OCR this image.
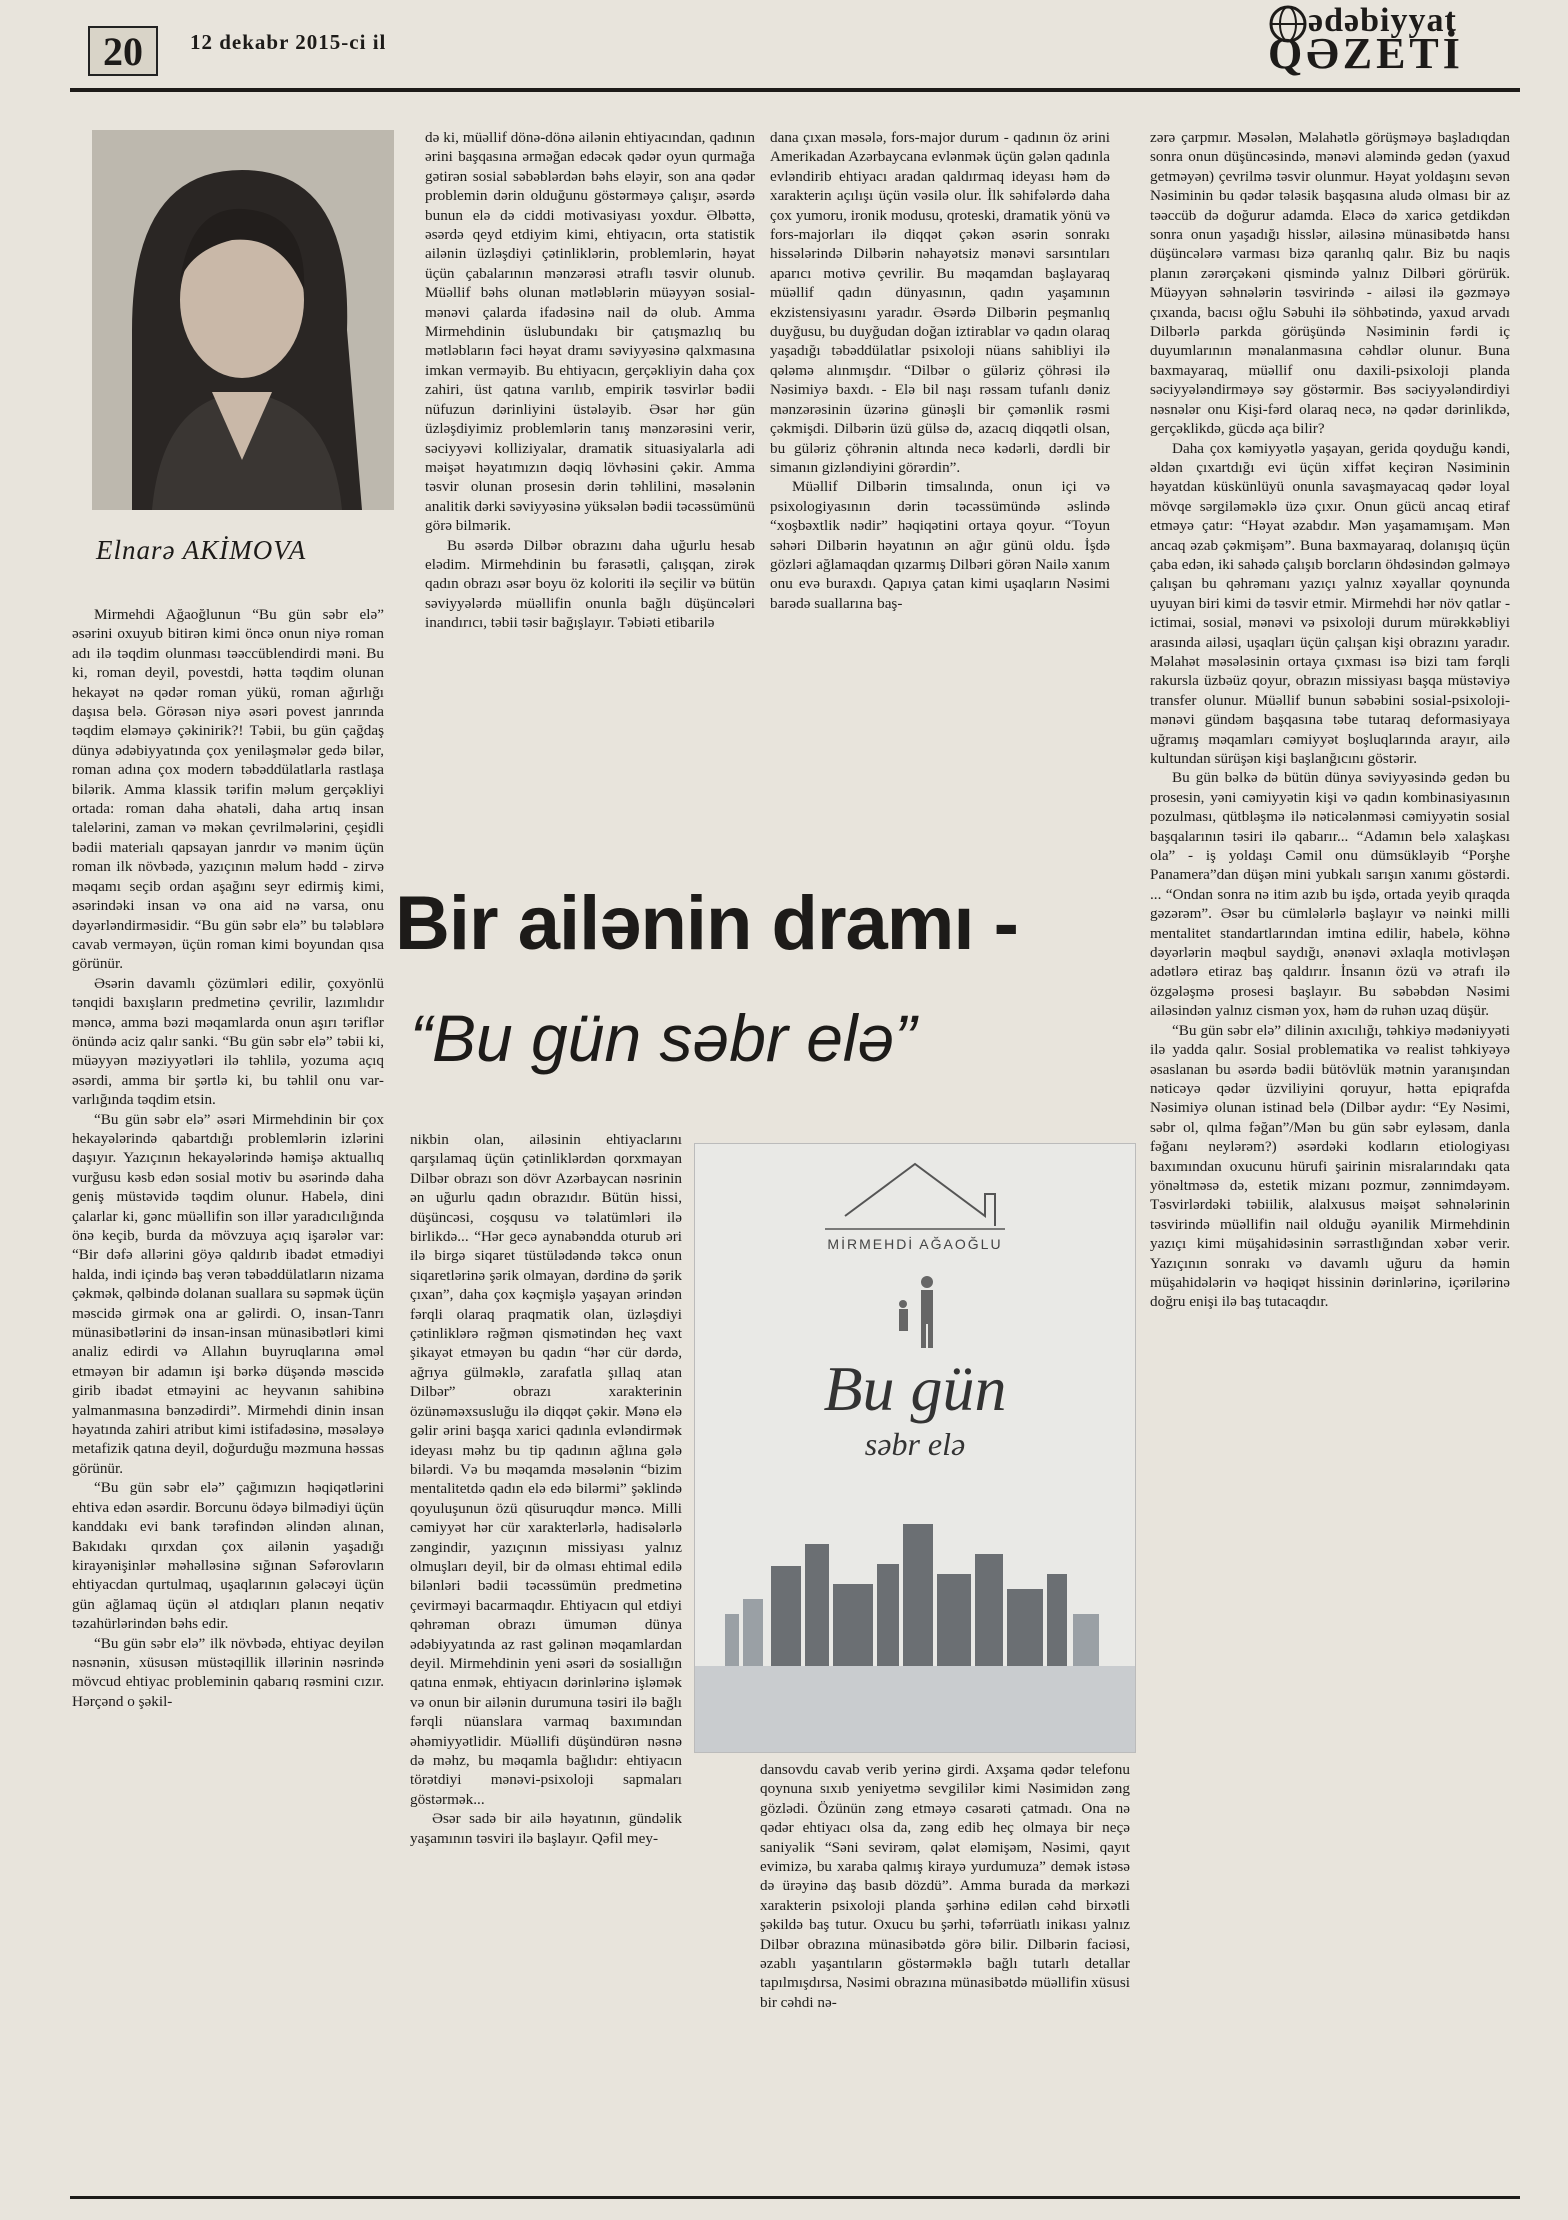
20	12 dekabr 2015-ci il
ədəbiyyat
QƏZETİ
Elnarə AKİMOVA

Mirmehdi Ağaoğlunun “Bu gün səbr elə” əsərini oxuyub bitirən kimi öncə onun niyə roman adı ilə təqdim olunması təəccüblendirdi məni. Bu ki, roman deyil, povestdi, hətta təqdim olunan hekayət nə qədər roman yükü, roman ağırlığı daşısa belə. Görəsən niyə əsəri povest janrında təqdim eləməyə çəkinirik?! Təbii, bu gün çağdaş dünya ədəbiyyatında çox yeniləşmələr gedə bilər, roman adına çox modern təbəddülatlarla rastlaşa bilərik. Amma klassik tərifin məlum gerçəkliyi ortada: roman daha əhatəli, daha artıq insan talelərini, zaman və məkan çevrilmələrini, çeşidli bədii materialı qapsayan janrdır və mənim üçün roman ilk növbədə, yazıçının məlum hədd - zirvə məqamı seçib ordan aşağını seyr edirmiş kimi, əsərindəki insan və ona aid nə varsa, onu dəyərləndirməsidir. “Bu gün səbr elə” bu tələblərə cavab verməyən, üçün roman kimi boyundan qısa görünür.

Əsərin davamlı çözümləri edilir, çoxyönlü tənqidi baxışların predmetinə çevrilir, lazımlıdır məncə, amma bəzi məqamlarda onun aşırı təriflər önündə aciz qalır sanki. “Bu gün səbr elə” təbii ki, müəyyən məziyyətləri ilə təhlilə, yozuma açıq əsərdi, amma bir şərtlə ki, bu təhlil onu var-varlığında təqdim etsin.

“Bu gün səbr elə” əsəri Mirmehdinin bir çox hekayələrində qabartdığı problemlərin izlərini daşıyır. Yazıçının hekayələrində həmişə aktuallıq vurğusu kəsb edən sosial motiv bu əsərində daha geniş müstəvidə təqdim olunur. Habelə, dini çalarlar ki, gənc müəllifin son illər yaradıcılığında önə keçib, burda da mövzuya açıq işarələr var: “Bir dəfə allərini göyə qaldırıb ibadət etmədiyi halda, indi içində baş verən təbəddülatların nizama çəkmək, qəlbində dolanan suallara su səpmək üçün məscidə girmək ona ar gəlirdi. O, insan-Tanrı münasibətlərini də insan-insan münasibətləri kimi analiz edirdi və Allahın buyruqlarına əməl etməyən bir adamın işi bərkə düşəndə məscidə girib ibadət etməyini ac heyvanın sahibinə yalmanmasına bənzədirdi”. Mirmehdi dinin insan həyatında zahiri atribut kimi istifadəsinə, məsələyə metafizik qatına deyil, doğurduğu məzmuna həssas görünür.

“Bu gün səbr elə” çağımızın həqiqətlərini ehtiva edən əsərdir. Borcunu ödəyə bilmədiyi üçün kanddakı evi bank tərəfindən əlindən alınan, Bakıdakı qırxdan çox ailənin yaşadığı kirayənişinlər məhəlləsinə sığınan Səfərovların ehtiyacdan qurtulmaq, uşaqlarının gələcəyi üçün gün ağlamaq üçün əl atdıqları planın neqativ təzahürlərindən bəhs edir.

“Bu gün səbr elə” ilk növbədə, ehtiyac deyilən nəsnənin, xüsusən müstəqillik illərinin nəsrində mövcud ehtiyac probleminin qabarıq rəsmini cızır. Hərçənd o şəkil-

də ki, müəllif dönə-dönə ailənin ehtiyacından, qadının ərini başqasına ərməğan edəcək qədər oyun qurmağa gətirən sosial səbəblərdən bəhs eləyir, son ana qədər problemin dərin olduğunu göstərməyə çalışır, əsərdə bunun elə də ciddi motivasiyası yoxdur. Əlbəttə, əsərdə qeyd etdiyim kimi, ehtiyacın, orta statistik ailənin üzləşdiyi çətinliklərin, problemlərin, həyat üçün çabalarının mənzərəsi ətraflı təsvir olunub. Müəllif bəhs olunan mətləblərin müəyyən sosial-mənəvi çalarda ifadəsinə nail də olub. Amma Mirmehdinin üslubundakı bir çatışmazlıq bu mətləbların fəci həyat dramı səviyyəsinə qalxmasına imkan verməyib. Bu ehtiyacın, gerçəkliyin daha çox zahiri, üst qatına varılıb, empirik təsvirlər bədii nüfuzun dərinliyini üstələyib. Əsər hər gün üzləşdiyimiz problemlərin tanış mənzərəsini verir, səciyyəvi kolliziyalar, dramatik situasiyalarla adi məişət həyatımızın dəqiq lövhəsini çəkir. Amma təsvir olunan prosesin dərin təhlilini, məsələnin analitik dərki səviyyəsinə yüksələn bədii təcəssümünü görə bilmərik.

Bu əsərdə Dilbər obrazını daha uğurlu hesab elədim. Mirmehdinin bu fərasətli, çalışqan, zirək qadın obrazı əsər boyu öz koloriti ilə seçilir və bütün səviyyələrdə müəllifin onunla bağlı düşüncələri inandırıcı, təbii təsir bağışlayır. Təbiəti etibarilə

dana çıxan məsələ, fors-major durum - qadının öz ərini Amerikadan Azərbaycana evlənmək üçün gələn qadınla evləndirib ehtiyacı aradan qaldırmaq ideyası həm də xarakterin açılışı üçün vəsilə olur. İlk səhifələrdə daha çox yumoru, ironik modusu, qroteski, dramatik yönü və fors-majorları ilə diqqət çəkən əsərin sonrakı hissələrində Dilbərin nəhayətsiz mənəvi sarsıntıları aparıcı motivə çevrilir. Bu məqamdan başlayaraq müəllif qadın dünyasının, qadın yaşamının ekzistensiyasını yaradır. Əsərdə Dilbərin peşmanlıq duyğusu, bu duyğudan doğan iztirablar və qadın olaraq yaşadığı təbəddülatlar psixoloji nüans sahibliyi ilə qələmə alınmışdır. “Dilbər o güləriz çöhrəsi ilə Nəsimiyə baxdı. - Elə bil naşı rəssam tufanlı dəniz mənzərəsinin üzərinə günəşli bir çəmənlik rəsmi çəkmişdi. Dilbərin üzü gülsə də, azacıq diqqətli olsan, bu güləriz çöhrənin altında necə kədərli, dərdli bir simanın gizləndiyini görərdin”.

Müəllif Dilbərin timsalında, onun içi və psixologiyasının dərin təcəssümündə əslində “xoşbəxtlik nədir” həqiqətini ortaya qoyur. “Toyun səhəri Dilbərin həyatının ən ağır günü oldu. İşdə gözləri ağlamaqdan qızarmış Dilbəri görən Nailə xanım onu evə buraxdı. Qapıya çatan kimi uşaqların Nəsimi barədə suallarına baş-

zərə çarpmır. Məsələn, Məlahətlə görüşməyə başladıqdan sonra onun düşüncəsində, mənəvi aləmində gedən (yaxud getməyən) çevrilmə təsvir olunmur. Həyat yoldaşını sevən Nəsiminin bu qədər tələsik başqasına aludə olması bir az təəccüb də doğurur adamda. Eləcə də xaricə getdikdən sonra onun yaşadığı hisslər, ailəsinə münasibətdə hansı düşüncələrə varması bizə qaranlıq qalır. Biz bu naqis planın zərərçəkəni qismində yalnız Dilbəri görürük. Müəyyən səhnələrin təsvirində - ailəsi ilə gəzməyə çıxanda, bacısı oğlu Səbuhi ilə söhbətində, yaxud arvadı Dilbərlə parkda görüşündə Nəsiminin fərdi iç duyumlarının mənalanmasına cəhdlər olunur. Buna baxmayaraq, müəllif onu daxili-psixoloji planda səciyyələndirməyə səy göstərmir. Bəs səciyyələndirdiyi nəsnələr onu Kişi-fərd olaraq necə, nə qədər dərinlikdə, gerçəklikdə, gücdə aça bilir?

Daha çox kəmiyyətlə yaşayan, gerida qoyduğu kəndi, əldən çıxartdığı evi üçün xiffət keçirən Nəsiminin həyatdan küskünlüyü onunla savaşmayacaq qədər loyal mövqe sərgiləməklə üzə çıxır. Onun gücü ancaq etiraf etməyə çatır: “Həyat əzabdır. Mən yaşamamışam. Mən ancaq əzab çəkmişəm”. Buna baxmayaraq, dolanışıq üçün çaba edən, iki sahədə çalışıb borcların öhdəsindən gəlməyə çalışan bu qəhrəmanı yazıçı yalnız xəyallar qoynunda uyuyan biri kimi də təsvir etmir. Mirmehdi hər növ qatlar - ictimai, sosial, mənəvi və psixoloji durum mürəkkəbliyi arasında ailəsi, uşaqları üçün çalışan kişi obrazını yaradır. Məlahət məsələsinin ortaya çıxması isə bizi tam fərqli rakursla üzbəüz qoyur, obrazın missiyası başqa müstəviyə transfer olunur. Müəllif bunun səbəbini sosial-psixoloji-mənəvi gündəm başqasına təbe tutaraq deformasiyaya uğramış məqamları cəmiyyət boşluqlarında arayır, ailə kultundan sürüşən kişi başlanğıcını göstərir.

Bu gün bəlkə də bütün dünya səviyyəsində gedən bu prosesin, yəni cəmiyyətin kişi və qadın kombinasiyasının pozulması, qütbləşmə ilə nəticələnməsi cəmiyyətin sosial başqalarının təsiri ilə qabarır... “Adamın belə xalaşkası ola” - iş yoldaşı Cəmil onu dümsükləyib “Porşhe Panamera”dan düşən mini yubkalı sarışın xanımı göstərdi. ... “Ondan sonra nə itim azıb bu işdə, ortada yeyib qıraqda gəzərəm”. Əsər bu cümlələrlə başlayır və nəinki milli mentalitet standartlarından imtina edilir, habelə, köhnə dəyərlərin məqbul saydığı, ənənəvi əxlaqla motivləşən adətlərə etiraz baş qaldırır. İnsanın özü və ətrafı ilə özgələşmə prosesi başlayır. Bu səbəbdən Nəsimi ailəsindən yalnız cismən yox, həm də ruhən uzaq düşür.

“Bu gün səbr elə” dilinin axıcılığı, təhkiyə mədəniyyəti ilə yadda qalır. Sosial problematika və realist təhkiyəyə əsaslanan bu əsərdə bədii bütövlük mətnin yaranışından nəticəyə qədər üzviliyini qoruyur, hətta epiqrafda Nəsimiyə olunan istinad belə (Dilbər aydır: “Ey Nəsimi, səbr ol, qılma fəğan”/Mən bu gün səbr eyləsəm, danla fəğanı neylərəm?) əsərdəki kodların etiologiyası baxımından oxucunu hürufi şairinin misralarındakı qata yönəltməsə də, estetik mizanı pozmur, zənnimdəyəm. Təsvirlərdəki təbiilik, alalxusus məişət səhnələrinin təsvirində müəllifin nail olduğu əyanilik Mirmehdinin yazıçı kimi müşahidəsinin sərrastlığından xəbər verir. Yazıçının sonrakı və davamlı uğuru da həmin müşahidələrin və həqiqət hissinin dərinlərinə, içərilərinə doğru enişi ilə baş tutacaqdır.

Bir ailənin dramı -
“Bu gün səbr elə”

nikbin olan, ailəsinin ehtiyaclarını qarşılamaq üçün çətinliklərdən qorxmayan Dilbər obrazı son dövr Azərbaycan nəsrinin ən uğurlu qadın obrazıdır. Bütün hissi, düşüncəsi, coşqusu və təlatümləri ilə birlikdə... “Hər gecə aynabəndda oturub əri ilə birgə siqaret tüstülədəndə təkcə onun siqaretlərinə şərik olmayan, dərdinə də şərik çıxan”, daha çox kəçmişlə yaşayan ərindən fərqli olaraq praqmatik olan, üzləşdiyi çətinliklərə rəğmən qismətindən heç vaxt şikayət etməyən bu qadın “hər cür dərdə, ağrıya gülməklə, zarafatla şıllaq atan Dilbər” obrazı xarakterinin özünəməxsusluğu ilə diqqət çəkir. Mənə elə gəlir ərini başqa xarici qadınla evləndirmək ideyası məhz bu tip qadının ağlına gələ bilərdi. Və bu məqamda məsələnin “bizim mentalitetdə qadın elə edə bilərmi” şəklində qoyuluşunun özü qüsuruqdur məncə. Milli cəmiyyət hər cür xarakterlərlə, hadisələrlə zəngindir, yazıçının missiyası yalnız olmuşları deyil, bir də olması ehtimal edilə bilənləri bədii təcəssümün predmetinə çevirməyi bacarmaqdır. Ehtiyacın qul etdiyi qəhrəman obrazı ümumən dünya ədəbiyyatında az rast gəlinən məqamlardan deyil. Mirmehdinin yeni əsəri də sosiallığın qatına enmək, ehtiyacın dərinlərinə işləmək və onun bir ailənin durumuna təsiri ilə bağlı fərqli nüanslara varmaq baxımından əhəmiyyətlidir. Müəllifi düşündürən nəsnə də məhz, bu məqamla bağlıdır: ehtiyacın törətdiyi mənəvi-psixoloji sapmaları göstərmək...

Əsər sadə bir ailə həyatının, gündəlik yaşamının təsviri ilə başlayır. Qəfil mey-

MİRMEHDİ AĞAOĞLU
Bu gün
səbr elə

dansovdu cavab verib yerinə girdi. Axşama qədər telefonu qoynuna sıxıb yeniyetmə sevgililər kimi Nəsimidən zəng gözlədi. Özünün zəng etməyə cəsarəti çatmadı. Ona nə qədər ehtiyacı olsa da, zəng edib heç olmaya bir neçə saniyəlik “Səni sevirəm, qələt eləmişəm, Nəsimi, qayıt evimizə, bu xaraba qalmış kirayə yurdumuza” demək istəsə də ürəyinə daş basıb dözdü”. Amma burada da mərkəzi xarakterin psixoloji planda şərhinə edilən cəhd birxətli şəkildə baş tutur. Oxucu bu şərhi, təfərrüatlı inikası yalnız Dilbər obrazına münasibətdə görə bilir. Dilbərin faciəsi, əzablı yaşantıların göstərməklə bağlı tutarlı detallar tapılmışdırsa, Nəsimi obrazına münasibətdə müəllifin xüsusi bir cəhdi nə-
